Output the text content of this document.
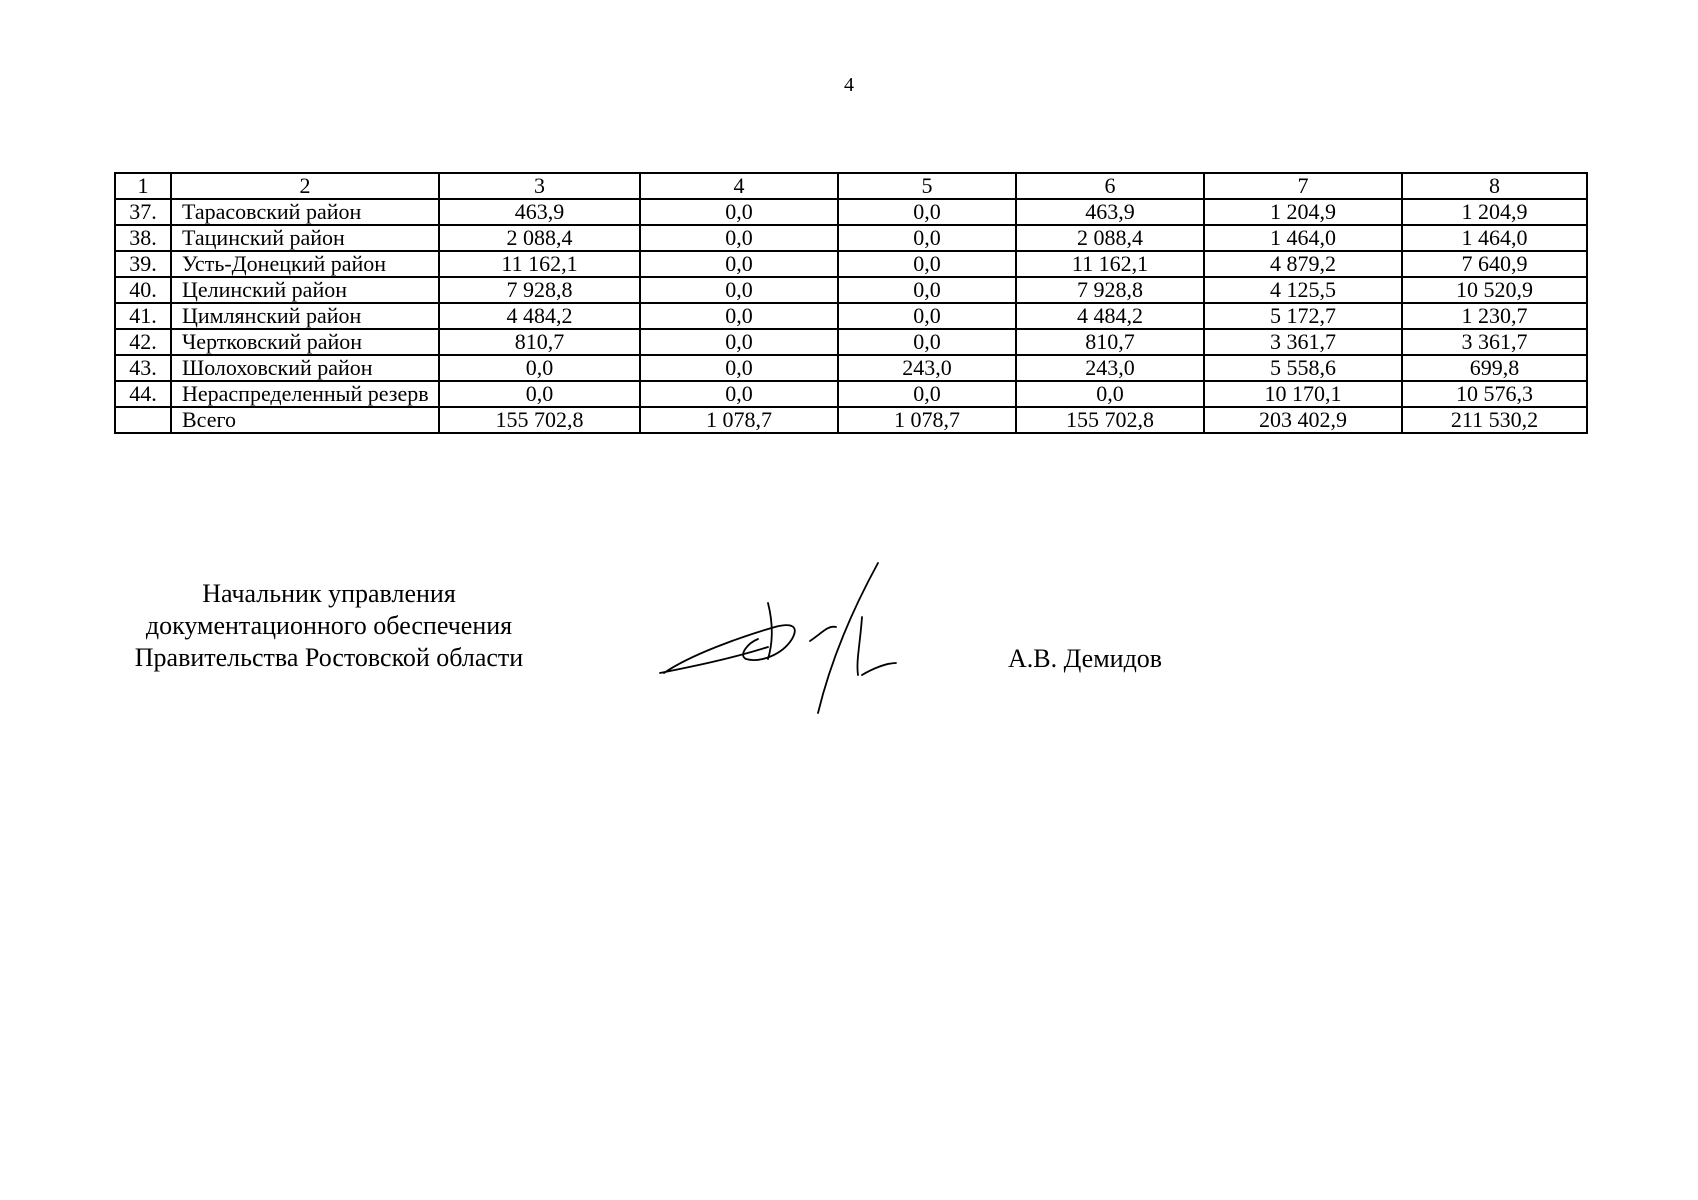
4
1	2	3	4	5	6	7	8
37.	Тарасовский район	463,9	0,0	0,0	463,9	1 204,9	1 204,9
38.	Тацинский район	2 088,4	0,0	0,0	2 088,4	1 464,0	1 464,0
39.	Усть-Донецкий район	11 162,1	0,0	0,0	11 162,1	4 879,2	7 640,9
40.	Целинский район	7 928,8	0,0	0,0	7 928,8	4 125,5	10 520,9
41.	Цимлянский район	4 484,2	0,0	0,0	4 484,2	5 172,7	1 230,7
42.	Чертковский район	810,7	0,0	0,0	810,7	3 361,7	3 361,7
43.	Шолоховский район	0,0	0,0	243,0	243,0	5 558,6	699,8
44.	Нераспределенный резерв	0,0	0,0	0,0	0,0	10 170,1	10 576,3
	Всего	155 702,8	1 078,7	1 078,7	155 702,8	203 402,9	211 530,2
Начальник управления
документационного обеспечения
Правительства Ростовской области	А.В. Демидов
